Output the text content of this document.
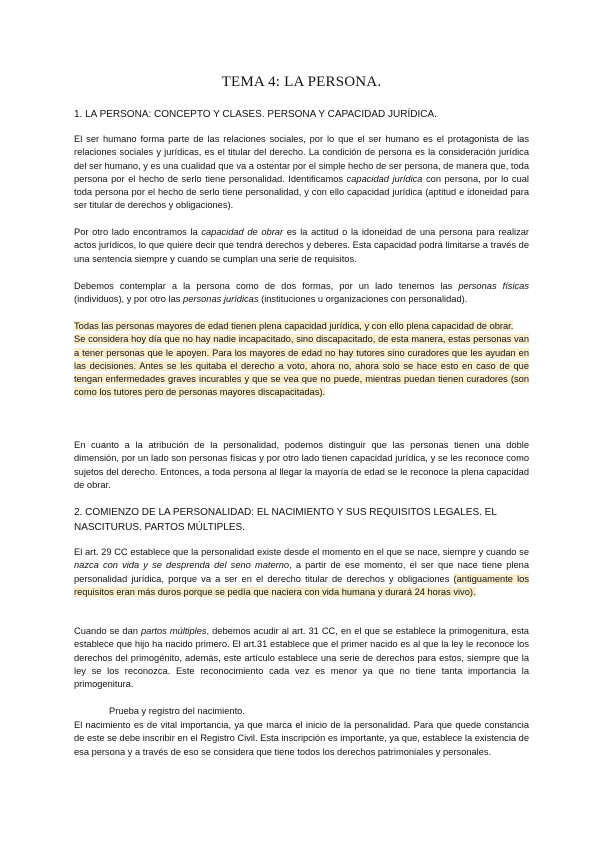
TEMA 4: LA PERSONA.
1. LA PERSONA: CONCEPTO Y CLASES. PERSONA Y CAPACIDAD JURÍDICA.

El ser humano forma parte de las relaciones sociales, por lo que el ser humano es el protagonista de las relaciones sociales y jurídicas, es el titular del derecho. La condición de persona es la consideración jurídica del ser humano, y es una cualidad que va a ostentar por el simple hecho de ser persona, de manera que, toda persona por el hecho de serlo tiene personalidad. Identificamos capacidad jurídica con persona, por lo cual toda persona por el hecho de serlo tiene personalidad, y con ello capacidad jurídica (aptitud e idoneidad para ser titular de derechos y obligaciones).

Por otro lado encontramos la capacidad de obrar es la actitud o la idoneidad de una persona para realizar actos jurídicos, lo que quiere decir que tendrá derechos y deberes. Esta capacidad podrá limitarse a través de una sentencia siempre y cuando se cumplan una serie de requisitos.

Debemos contemplar a la persona como de dos formas, por un lado tenemos las personas físicas (individuos), y por otro las personas jurídicas (instituciones u organizaciones con personalidad).

Todas las personas mayores de edad tienen plena capacidad jurídica, y con ello plena capacidad de obrar.
Se considera hoy día que no hay nadie incapacitado, sino discapacitado, de esta manera, estas personas van a tener personas que le apoyen. Para los mayores de edad no hay tutores sino curadores que les ayudan en las decisiones. Antes se les quitaba el derecho a voto, ahora no, ahora solo se hace esto en caso de que tengan enfermedades graves incurables y que se vea que no puede, mientras puedan tienen curadores (son como los tutores pero de personas mayores discapacitadas).

En cuanto a la atribución de la personalidad, podemos distinguir que las personas tienen una doble dimensión, por un lado son personas físicas y por otro lado tienen capacidad jurídica, y se les reconoce como sujetos del derecho. Entonces, a toda persona al llegar la mayoría de edad se le reconoce la plena capacidad de obrar.

2. COMIENZO DE LA PERSONALIDAD: EL NACIMIENTO Y SUS REQUISITOS LEGALES. EL NASCITURUS. PARTOS MÚLTIPLES.

El art. 29 CC establece que la personalidad existe desde el momento en el que se nace, siempre y cuando se nazca con vida y se desprenda del seno materno, a partir de ese momento, el ser que nace tiene plena personalidad jurídica, porque va a ser en el derecho titular de derechos y obligaciones (antiguamente los requisitos eran más duros porque se pedía que naciera con vida humana y durará 24 horas vivo).

Cuando se dan partos múltiples, debemos acudir al art. 31 CC, en el que se establece la primogenitura, esta establece que hijo ha nacido primero. El art.31 establece que el primer nacido es al que la ley le reconoce los derechos del primogénito, además, este artículo establece una serie de derechos para estos, siempre que la ley se los reconozca. Este reconocimiento cada vez es menor ya que no tiene tanta importancia la primogenitura.

Prueba y registro del nacimiento.

El nacimiento es de vital importancia, ya que marca el inicio de la personalidad. Para que quede constancia de este se debe inscribir en el Registro Civil. Esta inscripción es importante, ya que, establece la existencia de esa persona y a través de eso se considera que tiene todos los derechos patrimoniales y personales.
